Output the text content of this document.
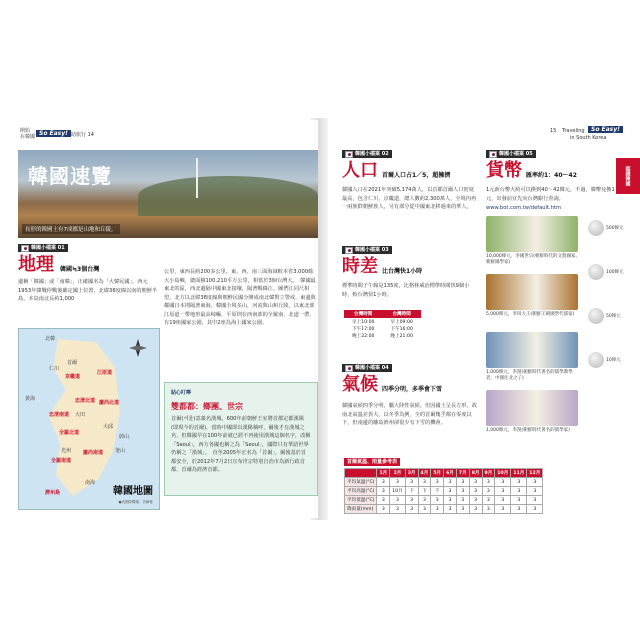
開始
在韓國 So Easy!
自助旅行 14
韓國速覽
長形的韓國土有7成都是山地和丘陵。
韓國小檔案 01
地理 韓國≒3個台灣
邊稱「韓國」或「南韓」，正確國名為「大韓民國」。西元1953年韓戰停戰後確定國土位置，北緯38度線以南的朝鮮半島，本島南北長約1,000
公里，東西長約200多公里。東、西、南三面海域較本省3,000餘大小島嶼，總面積100,210平方公里，相當於3個台灣大。　韓國最東北的區，西北邊隔中國東北接壤，隔著鴨綠江、圖們江同尺相望，北方以北緯38度線與朝鮮民國分開成南北韓對立警戒，東邊與鄰國日本則隔著東海，韓國全境多山，河流與山和丘陵，以東北部江原道一帶地形最高崎嶇，平原則在西南部的全羅南、北道一帶，有19座國家公園，其中2座為海上國家公園。
北韓
首爾
仁川
京畿道
江原道
忠清北道
忠清南道 大田
慶尚北道
大邱
全羅北道
光州
全羅南道
慶尚南道
蔚山
釜山
濟州島
黃海
南海
韓國地圖
●表國際機場：首爾都
貼心叮嚀
雙都都：鄉團、世宗
首爾(서울)意義名漢城，600年前朝鮮王室將首都定都漢陽(即現今的首爾)，當時中國即以漢陽稱呼，爾後才有漢城之名，但韓國早在100年前就已經不再使用漢城這個名字，改稱「Seoul」，西方各國也稱之為「Seoul」，國際只有華語世界仍稱之「漢城」。　直至2005年正名為「首爾」，爾後基於首都安全，於2012年7月2日宣布世宗特別自治市為新行政首都，首爾為經濟首都。
15 Traveling	So Easy!
in South Korea
韓國小檔案 02
人口 首爾人口占1／5，超擁擠
韓國人口在2021年突破5,174萬人，以首都首爾人口密度最高，包含仁川、京畿道，總人數約2,300萬人，全境內再一兩族群朝鮮族人，另有部分從中國東北移過來的華人。
韓國小檔案 03
時差 比台灣快1小時
標準時間子午線是135度，比格林威治標準時間快9個小時，較台灣快1小時。
台灣時間	台灣時間
早上10:00	早上09:00
下午17:00	下午16:00
晚上22:00	晚上21:00
韓國小檔案 04
氣候 四季分明，多季會下雪
韓國氣候四季分明，屬大陸性氣候，但因國土呈長方形，故南北氣溫差異大，以冬季為例，全的首爾幾乎都在零度以下，但南邊的離島濟州卻很少有下雪的機會。
首爾氣溫、雨量參考表
	1月	2月	3月	4月	5月	6月	7月	8月	9月	10月	11月	12月
平均氣溫(°C)	3	3	3	3	3	3	3	3	3	3	3	3
平均高溫(°C)	3	10月	下	下	下	3	3	3	3	3	3	3
平均低溫(°C)	3	3	3	3	3	3	3	3	3	3	3	3
降雨量(mm)	3	3	3	3	3	3	3	3	3	3	3	3
韓國小檔案 05
貨幣 匯率約1：40～42
1元新台幣大約可以換到40～42韓元，不過，韓幣兌換1元，出發前宜先向台灣銀行查詢。
www.bot.com.tw/default.htm
10,000韓元，李國世宗(朝鮮時代的文賢國家，朝鮮國學家)
5,000韓元，李珥大王(朝鮮王朝國學代儒家)
1,000韓元，李滉(朝鮮時代著名的儒學教學者，中國往北之子)
1,000韓元，李滉(朝鮮時代著名的儒學家)
500韓元
100韓元
50韓元
10韓元
認識韓國
